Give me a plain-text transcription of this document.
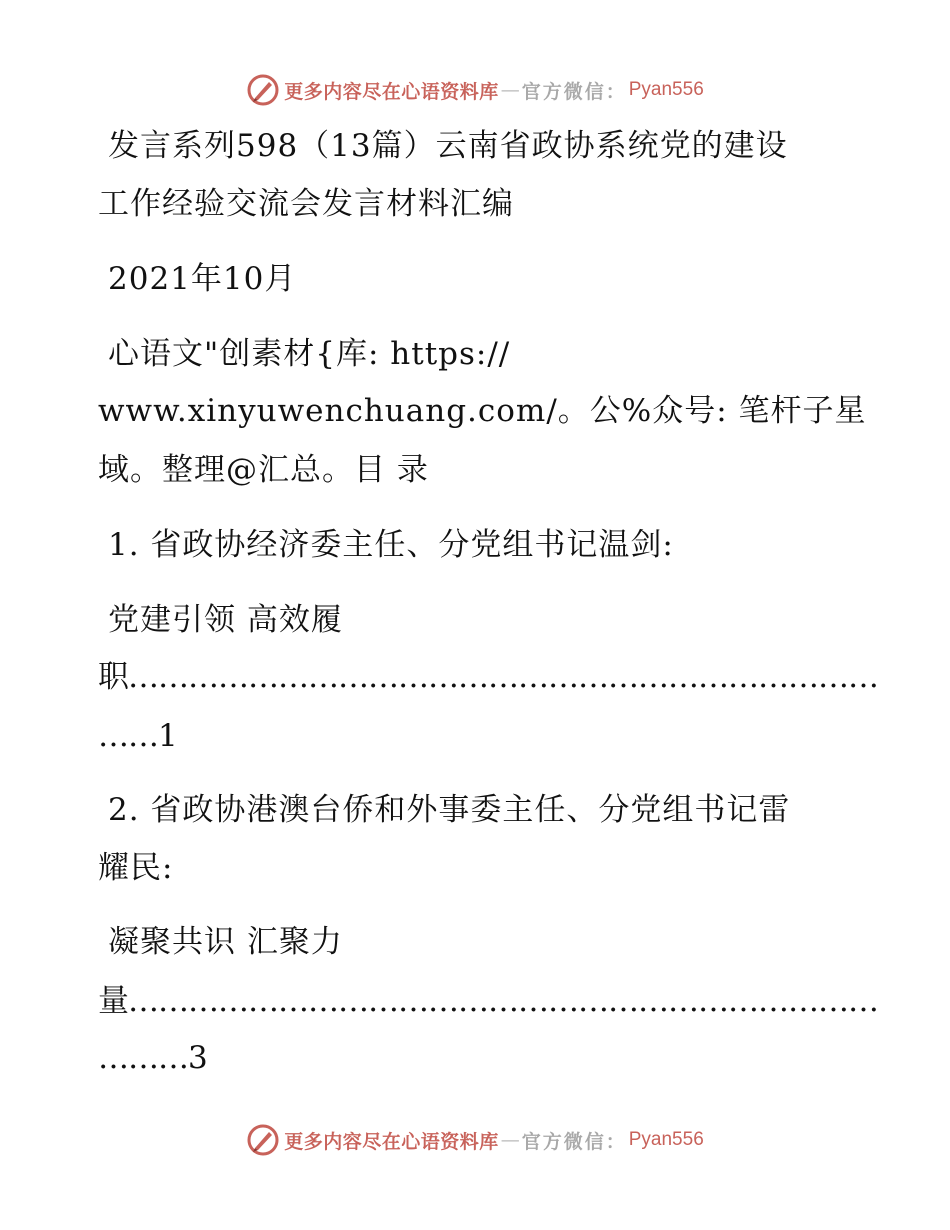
更多内容尽在心语资料库 — 官方微信： Pyan556
发言系列598（13篇）云南省政协系统党的建设
工作经验交流会发言材料汇编
2021年10月
心语文"创素材{库: https://
www.xinyuwenchuang.com/。公%众号: 笔杆子星
域。整理@汇总。目 录
1. 省政协经济委主任、分党组书记温剑:
党建引领 高效履
职…………………………………………………………………
……1
2. 省政协港澳台侨和外事委主任、分党组书记雷
耀民:
凝聚共识 汇聚力
量…………………………………………………………………
………3
更多内容尽在心语资料库 — 官方微信： Pyan556
